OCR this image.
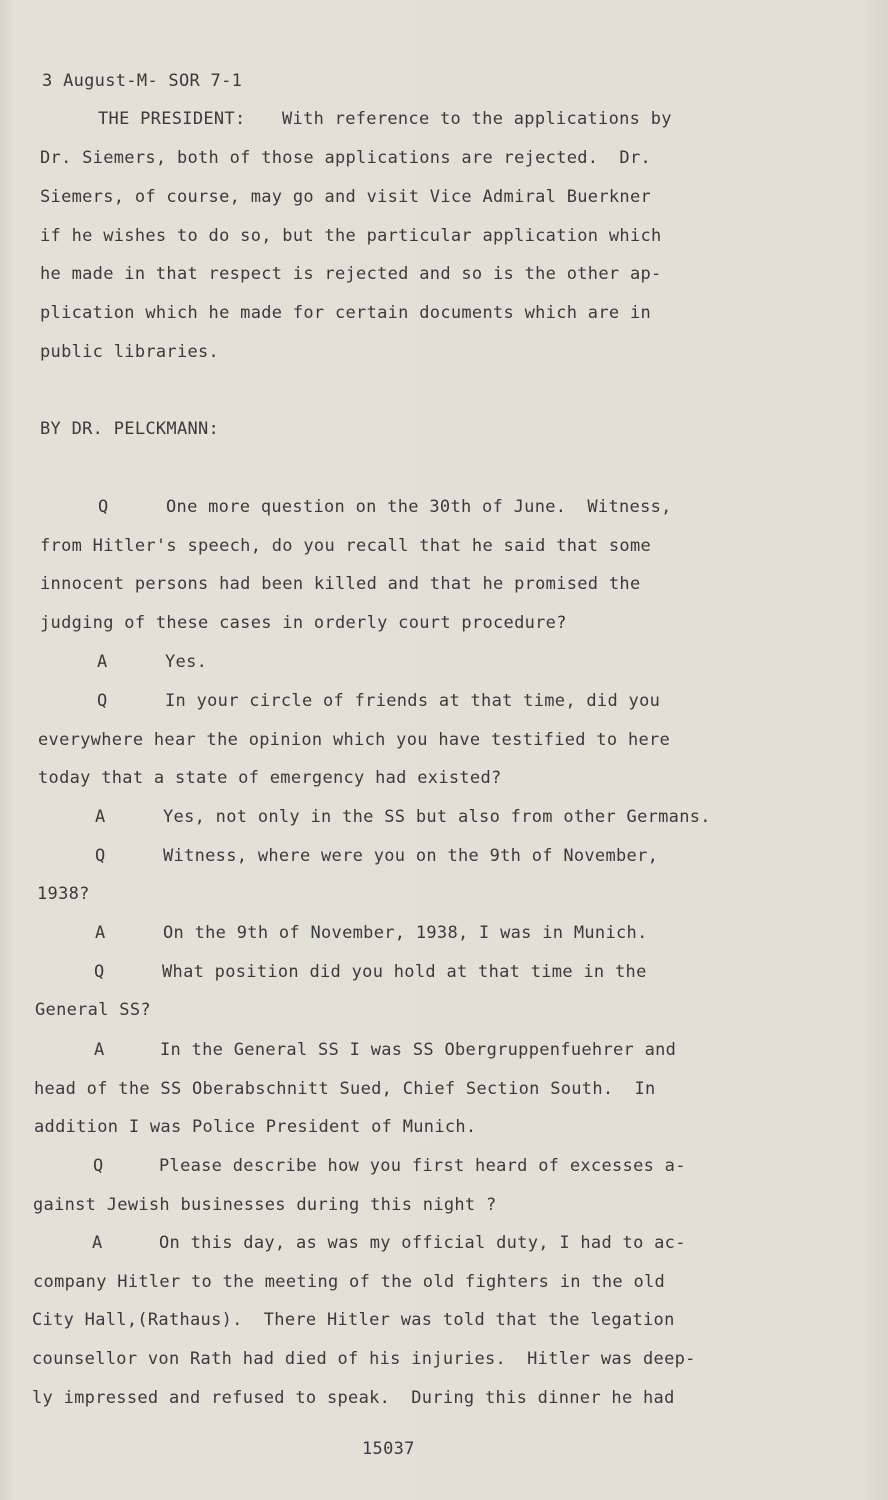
3 August-M- SOR 7-1
THE PRESIDENT: With reference to the applications by
Dr. Siemers, both of those applications are rejected.  Dr.
Siemers, of course, may go and visit Vice Admiral Buerkner
if he wishes to do so, but the particular application which
he made in that respect is rejected and so is the other ap-
plication which he made for certain documents which are in
public libraries.
BY DR. PELCKMANN:
Q	One more question on the 30th of June.  Witness,
from Hitler's speech, do you recall that he said that some
innocent persons had been killed and that he promised the
judging of these cases in orderly court procedure?
A	Yes.
Q	In your circle of friends at that time, did you
everywhere hear the opinion which you have testified to here
today that a state of emergency had existed?
A	Yes, not only in the SS but also from other Germans.
Q	Witness, where were you on the 9th of November,
1938?
A	On the 9th of November, 1938, I was in Munich.
Q	What position did you hold at that time in the
General SS?
A	In the General SS I was SS Obergruppenfuehrer and
head of the SS Oberabschnitt Sued, Chief Section South.  In
addition I was Police President of Munich.
Q	Please describe how you first heard of excesses a-
gainst Jewish businesses during this night ?
A	On this day, as was my official duty, I had to ac-
company Hitler to the meeting of the old fighters in the old
City Hall,(Rathaus).  There Hitler was told that the legation
counsellor von Rath had died of his injuries.  Hitler was deep-
ly impressed and refused to speak.  During this dinner he had
15037
